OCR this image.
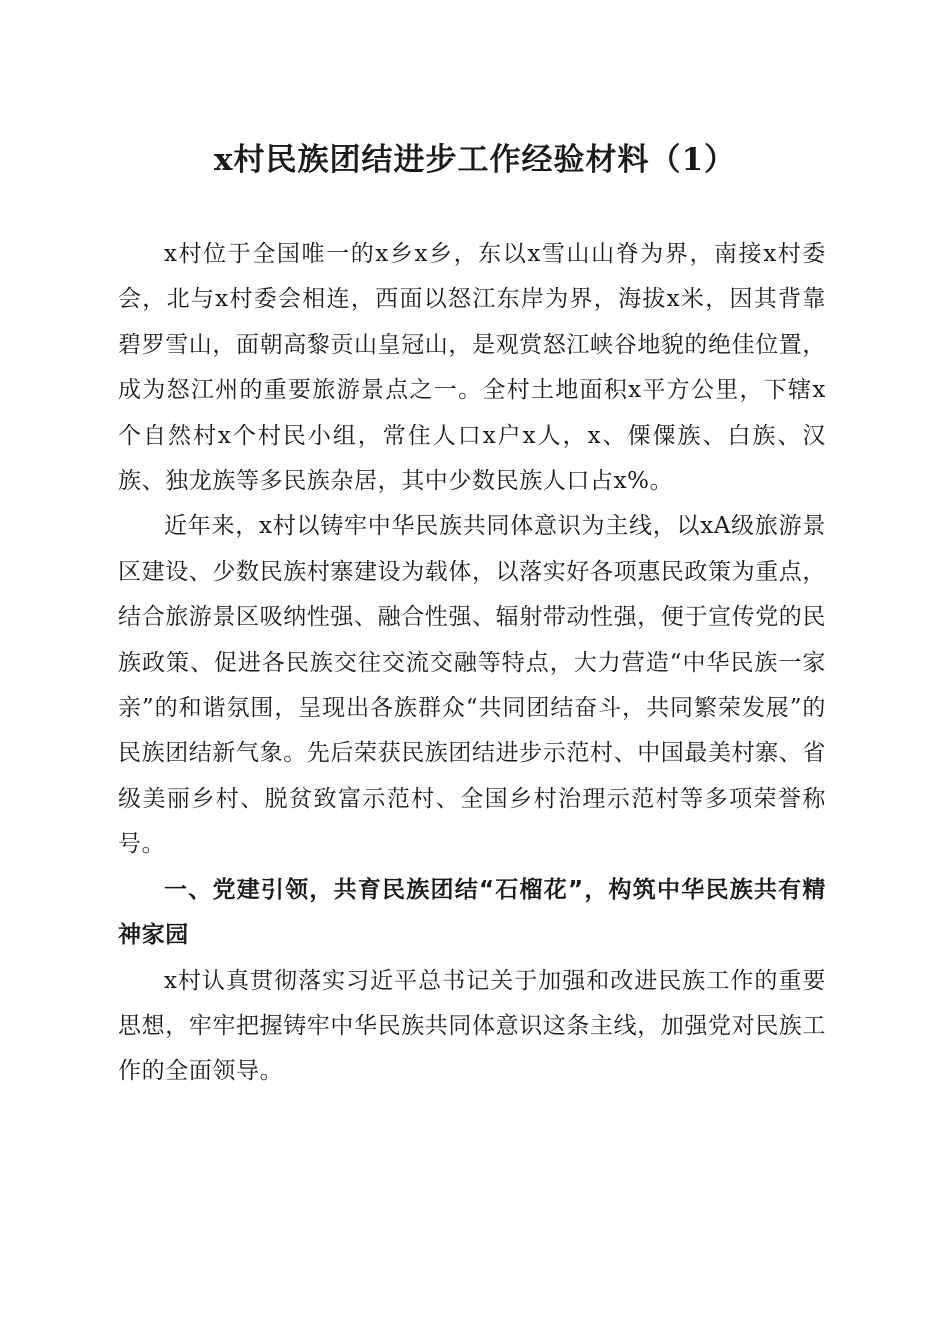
x村民族团结进步工作经验材料（1）

x村位于全国唯一的x乡x乡，东以x雪山山脊为界，南接x村委会，北与x村委会相连，西面以怒江东岸为界，海拔x米，因其背靠碧罗雪山，面朝高黎贡山皇冠山，是观赏怒江峡谷地貌的绝佳位置，成为怒江州的重要旅游景点之一。全村土地面积x平方公里，下辖x个自然村x个村民小组，常住人口x户x人，x、傈僳族、白族、汉族、独龙族等多民族杂居，其中少数民族人口占x%。

近年来，x村以铸牢中华民族共同体意识为主线，以xA级旅游景区建设、少数民族村寨建设为载体，以落实好各项惠民政策为重点，结合旅游景区吸纳性强、融合性强、辐射带动性强，便于宣传党的民族政策、促进各民族交往交流交融等特点，大力营造“中华民族一家亲”的和谐氛围，呈现出各族群众“共同团结奋斗，共同繁荣发展”的民族团结新气象。先后荣获民族团结进步示范村、中国最美村寨、省级美丽乡村、脱贫致富示范村、全国乡村治理示范村等多项荣誉称号。

一、党建引领，共育民族团结“石榴花”，构筑中华民族共有精神家园

x村认真贯彻落实习近平总书记关于加强和改进民族工作的重要思想，牢牢把握铸牢中华民族共同体意识这条主线，加强党对民族工作的全面领导。
